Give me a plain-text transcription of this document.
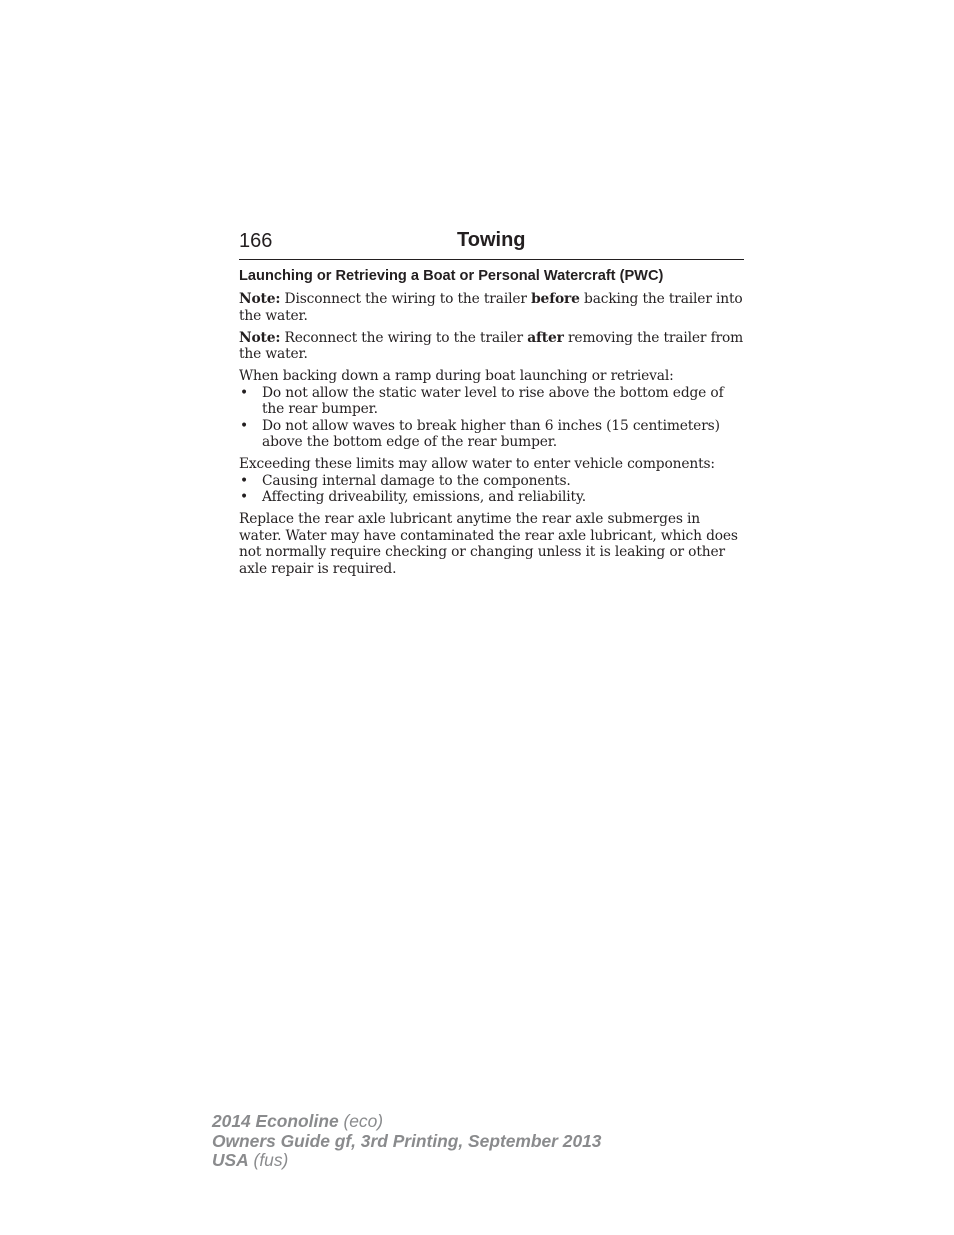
166	Towing
Launching or Retrieving a Boat or Personal Watercraft (PWC)

Note: Disconnect the wiring to the trailer before backing the trailer into the water.

Note: Reconnect the wiring to the trailer after removing the trailer from the water.

When backing down a ramp during boat launching or retrieval:

• Do not allow the static water level to rise above the bottom edge of the rear bumper.
• Do not allow waves to break higher than 6 inches (15 centimeters) above the bottom edge of the rear bumper.

Exceeding these limits may allow water to enter vehicle components:

• Causing internal damage to the components.
• Affecting driveability, emissions, and reliability.

Replace the rear axle lubricant anytime the rear axle submerges in water. Water may have contaminated the rear axle lubricant, which does not normally require checking or changing unless it is leaking or other axle repair is required.

2014 Econoline (eco)
Owners Guide gf, 3rd Printing, September 2013
USA (fus)
